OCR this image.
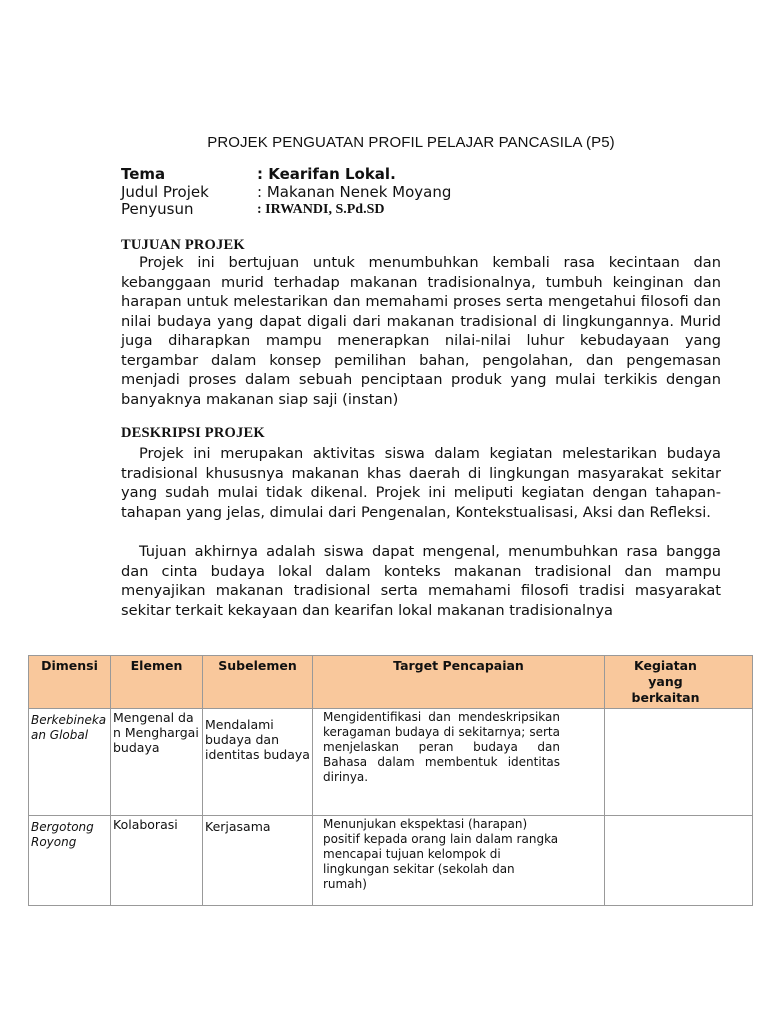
PROJEK PENGUATAN PROFIL PELAJAR PANCASILA (P5)
Tema	: Kearifan Lokal.
Judul Projek	: Makanan Nenek Moyang
Penyusun	: IRWANDI, S.Pd.SD
TUJUAN PROJEK

Projek ini bertujuan untuk menumbuhkan kembali rasa kecintaan dan kebanggaan murid terhadap makanan tradisionalnya, tumbuh keinginan dan harapan untuk melestarikan dan memahami proses serta mengetahui filosofi dan nilai budaya yang dapat digali dari makanan tradisional di lingkungannya. Murid juga diharapkan mampu menerapkan nilai-nilai luhur kebudayaan yang tergambar dalam konsep pemilihan bahan, pengolahan, dan pengemasan menjadi proses dalam sebuah penciptaan produk yang mulai terkikis dengan banyaknya makanan siap saji (instan)

DESKRIPSI PROJEK

Projek ini merupakan aktivitas siswa dalam kegiatan melestarikan budaya tradisional khususnya makanan khas daerah di lingkungan masyarakat sekitar yang sudah mulai tidak dikenal. Projek ini meliputi kegiatan dengan tahapan-tahapan yang jelas, dimulai dari Pengenalan, Kontekstualisasi, Aksi dan Refleksi.

Tujuan akhirnya adalah siswa dapat mengenal, menumbuhkan rasa bangga dan cinta budaya lokal dalam konteks makanan tradisional dan mampu menyajikan makanan tradisional serta memahami filosofi tradisi masyarakat sekitar terkait kekayaan dan kearifan lokal makanan tradisionalnya

Dimensi	Elemen	Subelemen	Target Pencapaian	Kegiatan yang berkaitan
Berkebinekaan Global	Mengenal dan Menghargai budaya	Mendalami budaya dan identitas budaya	Mengidentifikasi dan mendeskripsikan keragaman budaya di sekitarnya; serta menjelaskan peran budaya dan Bahasa dalam membentuk identitas dirinya.	
Bergotong Royong	Kolaborasi	Kerjasama	Menunjukan ekspektasi (harapan) positif kepada orang lain dalam rangka mencapai tujuan kelompok di lingkungan sekitar (sekolah dan rumah)	
